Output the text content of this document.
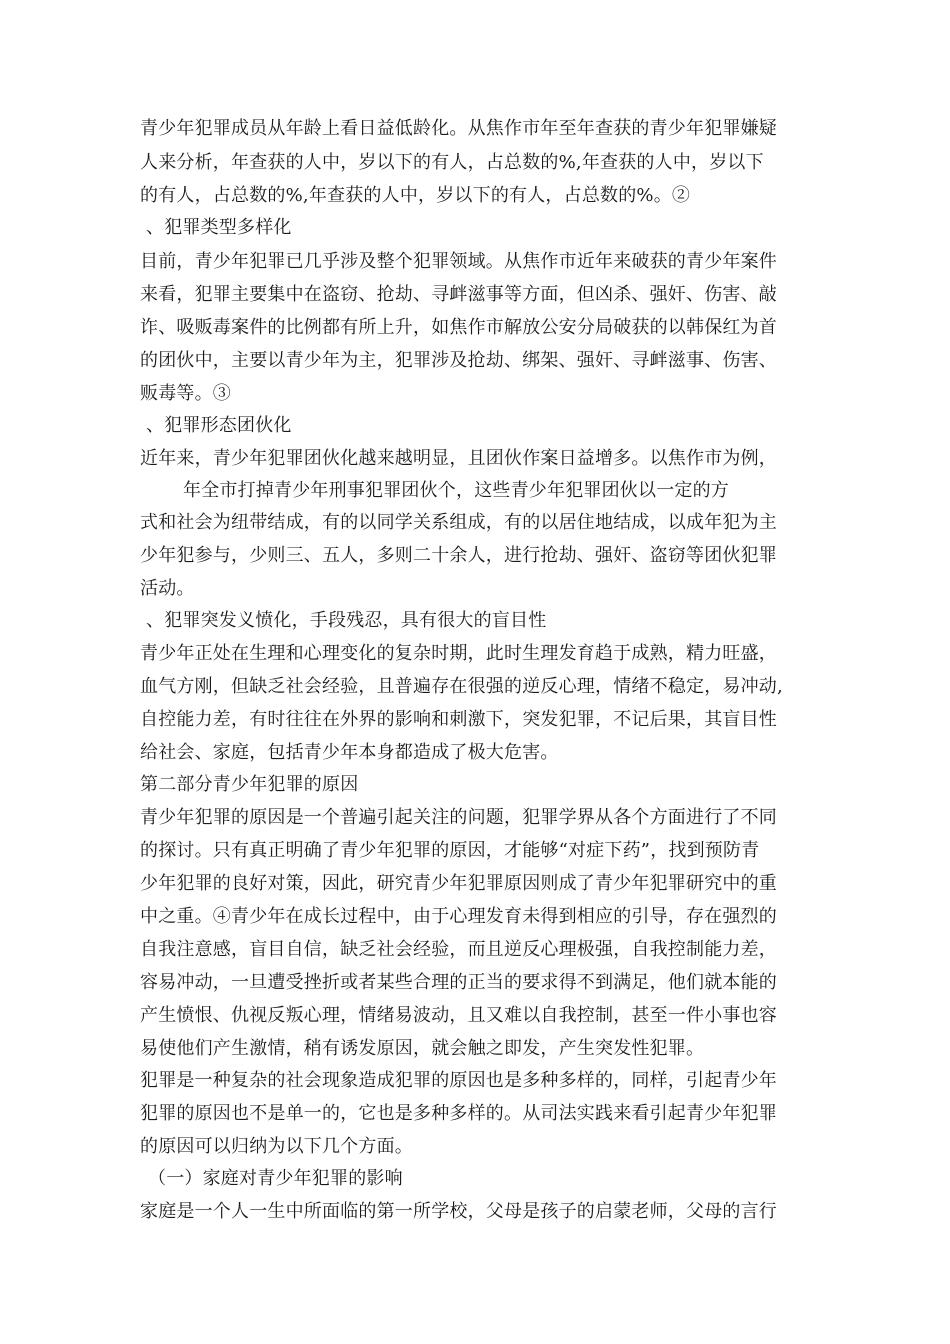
青少年犯罪成员从年龄上看日益低龄化。从焦作市年至年查获的青少年犯罪嫌疑
人来分析，年查获的人中，岁以下的有人，占总数的%,年查获的人中，岁以下
的有人，占总数的%,年查获的人中，岁以下的有人，占总数的%。②
、犯罪类型多样化
目前，青少年犯罪已几乎涉及整个犯罪领域。从焦作市近年来破获的青少年案件
来看，犯罪主要集中在盗窃、抢劫、寻衅滋事等方面，但凶杀、强奸、伤害、敲
诈、吸贩毒案件的比例都有所上升，如焦作市解放公安分局破获的以韩保红为首
的团伙中，主要以青少年为主，犯罪涉及抢劫、绑架、强奸、寻衅滋事、伤害、
贩毒等。③
、犯罪形态团伙化
近年来，青少年犯罪团伙化越来越明显，且团伙作案日益增多。以焦作市为例，
年全市打掉青少年刑事犯罪团伙个，这些青少年犯罪团伙以一定的方
式和社会为纽带结成，有的以同学关系组成，有的以居住地结成，以成年犯为主
少年犯参与，少则三、五人，多则二十余人，进行抢劫、强奸、盗窃等团伙犯罪
活动。
、犯罪突发义愤化，手段残忍，具有很大的盲目性
青少年正处在生理和心理变化的复杂时期，此时生理发育趋于成熟，精力旺盛，
血气方刚，但缺乏社会经验，且普遍存在很强的逆反心理，情绪不稳定，易冲动,
自控能力差，有时往往在外界的影响和刺激下，突发犯罪，不记后果，其盲目性
给社会、家庭，包括青少年本身都造成了极大危害。
第二部分青少年犯罪的原因
青少年犯罪的原因是一个普遍引起关注的问题，犯罪学界从各个方面进行了不同
的探讨。只有真正明确了青少年犯罪的原因，才能够“对症下药”，找到预防青
少年犯罪的良好对策，因此，研究青少年犯罪原因则成了青少年犯罪研究中的重
中之重。④青少年在成长过程中，由于心理发育未得到相应的引导，存在强烈的
自我注意感，盲目自信，缺乏社会经验，而且逆反心理极强，自我控制能力差，
容易冲动，一旦遭受挫折或者某些合理的正当的要求得不到满足，他们就本能的
产生愤恨、仇视反叛心理，情绪易波动，且又难以自我控制，甚至一件小事也容
易使他们产生激情，稍有诱发原因，就会触之即发，产生突发性犯罪。
犯罪是一种复杂的社会现象造成犯罪的原因也是多种多样的，同样，引起青少年
犯罪的原因也不是单一的，它也是多种多样的。从司法实践来看引起青少年犯罪
的原因可以归纳为以下几个方面。
（一）家庭对青少年犯罪的影响
家庭是一个人一生中所面临的第一所学校，父母是孩子的启蒙老师，父母的言行
